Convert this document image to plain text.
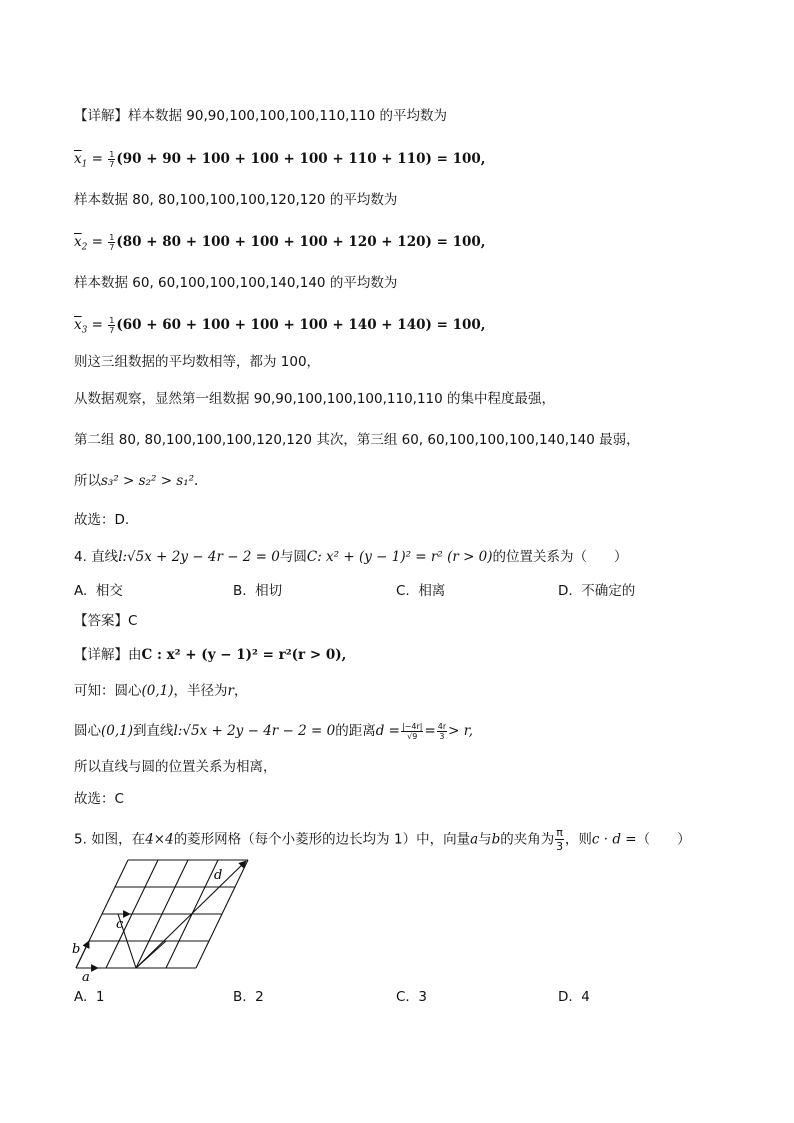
【详解】样本数据 90,90,100,100,100,110,110 的平均数为
$\overline{x}_1 = \frac{1}{7} (90 + 90 + 100 + 100 + 100 + 110 + 110) = 100$,
样本数据 80, 80,100,100,100,120,120 的平均数为
$\overline{x}_2 = \frac{1}{7} (80 + 80 + 100 + 100 + 100 + 120 + 120) = 100$,
样本数据 60, 60,100,100,100,140,140 的平均数为
$\overline{x}_3 = \frac{1}{7} (60 + 60 + 100 + 100 + 100 + 140 + 140) = 100$,
则这三组数据的平均数相等，都为 100，
从数据观察，显然第一组数据 90,90,100,100,100,110,110 的集中程度最强，
第二组 80, 80,100,100,100,120,120 其次，第三组 60, 60,100,100,100,140,140 最弱，
所以s₃² > s₂² > s₁².
故选：D.
4. 直线l:√5x + 2y − 4r − 2 = 0与圆C: x² + (y − 1)² = r² (r > 0)的位置关系为（　　）
A. 相交	B. 相切	C. 相离	D. 不确定的
【答案】C
【详解】由C : x² + (y − 1)² = r²(r > 0),
可知：圆心(0,1)，半径为r，
圆心(0,1)到直线l:√5x + 2y − 4r − 2 = 0的距离$d = \frac{|-4r|}{√9} = \frac{4r}{3} > r$,
所以直线与圆的位置关系为相离，
故选：C
5. 如图，在4×4的菱形网格（每个小菱形的边长均为 1）中，向量a与b的夹角为 $\frac{\pi}{3}$ ，则c · d =（　　）
a
b
c
d
A. 1	B. 2	C. 3	D. 4
